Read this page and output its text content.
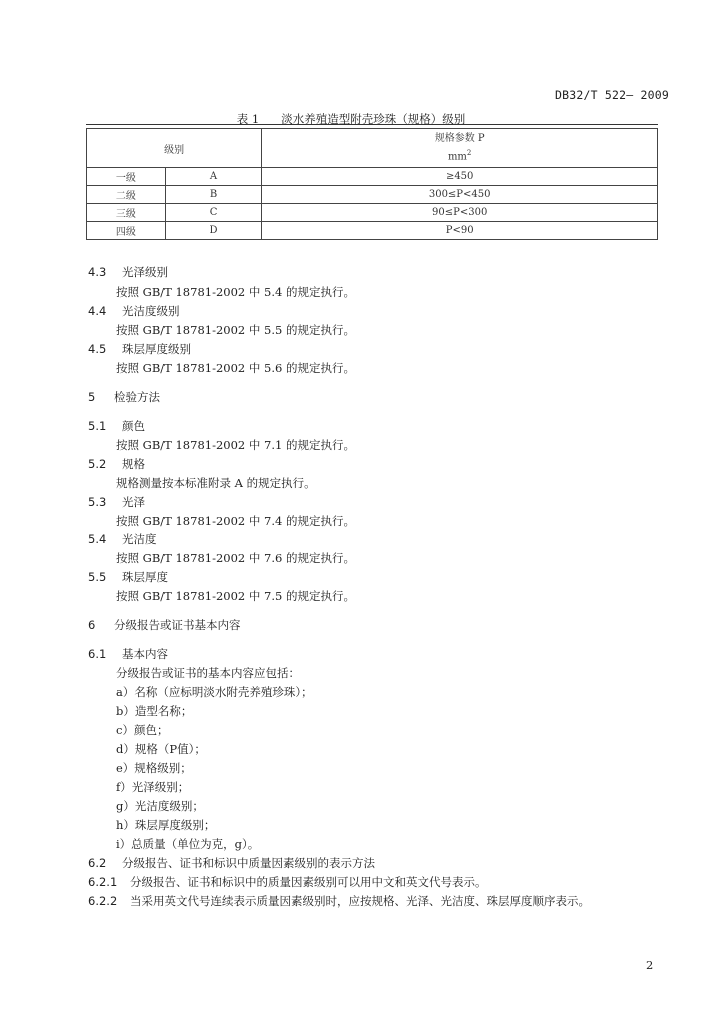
DB32/T 522— 2009
表 1 淡水养殖造型附壳珍珠（规格）级别
级别		规格参数 P
$mm^2$

一级	A	≥450
二级	B	300≤P<450
三级	C	90≤P<300
四级	D	P<90
4.3 光泽级别
按照 GB/T 18781-2002 中 5.4 的规定执行。
4.4 光洁度级别
按照 GB/T 18781-2002 中 5.5 的规定执行。
4.5 珠层厚度级别
按照 GB/T 18781-2002 中 5.6 的规定执行。
5 检验方法
5.1 颜色
按照 GB/T 18781-2002 中 7.1 的规定执行。
5.2 规格
规格测量按本标准附录 A 的规定执行。
5.3 光泽
按照 GB/T 18781-2002 中 7.4 的规定执行。
5.4 光洁度
按照 GB/T 18781-2002 中 7.6 的规定执行。
5.5 珠层厚度
按照 GB/T 18781-2002 中 7.5 的规定执行。
6 分级报告或证书基本内容
6.1 基本内容
分级报告或证书的基本内容应包括：
a）名称（应标明淡水附壳养殖珍珠）；
b）造型名称；
c）颜色；
d）规格（P值）；
e）规格级别；
f）光泽级别；
g）光洁度级别；
h）珠层厚度级别；
i）总质量（单位为克，g）。
6.2 分级报告、证书和标识中质量因素级别的表示方法
6.2.1 分级报告、证书和标识中的质量因素级别可以用中文和英文代号表示。
6.2.2 当采用英文代号连续表示质量因素级别时，应按规格、光泽、光洁度、珠层厚度顺序表示。
2
